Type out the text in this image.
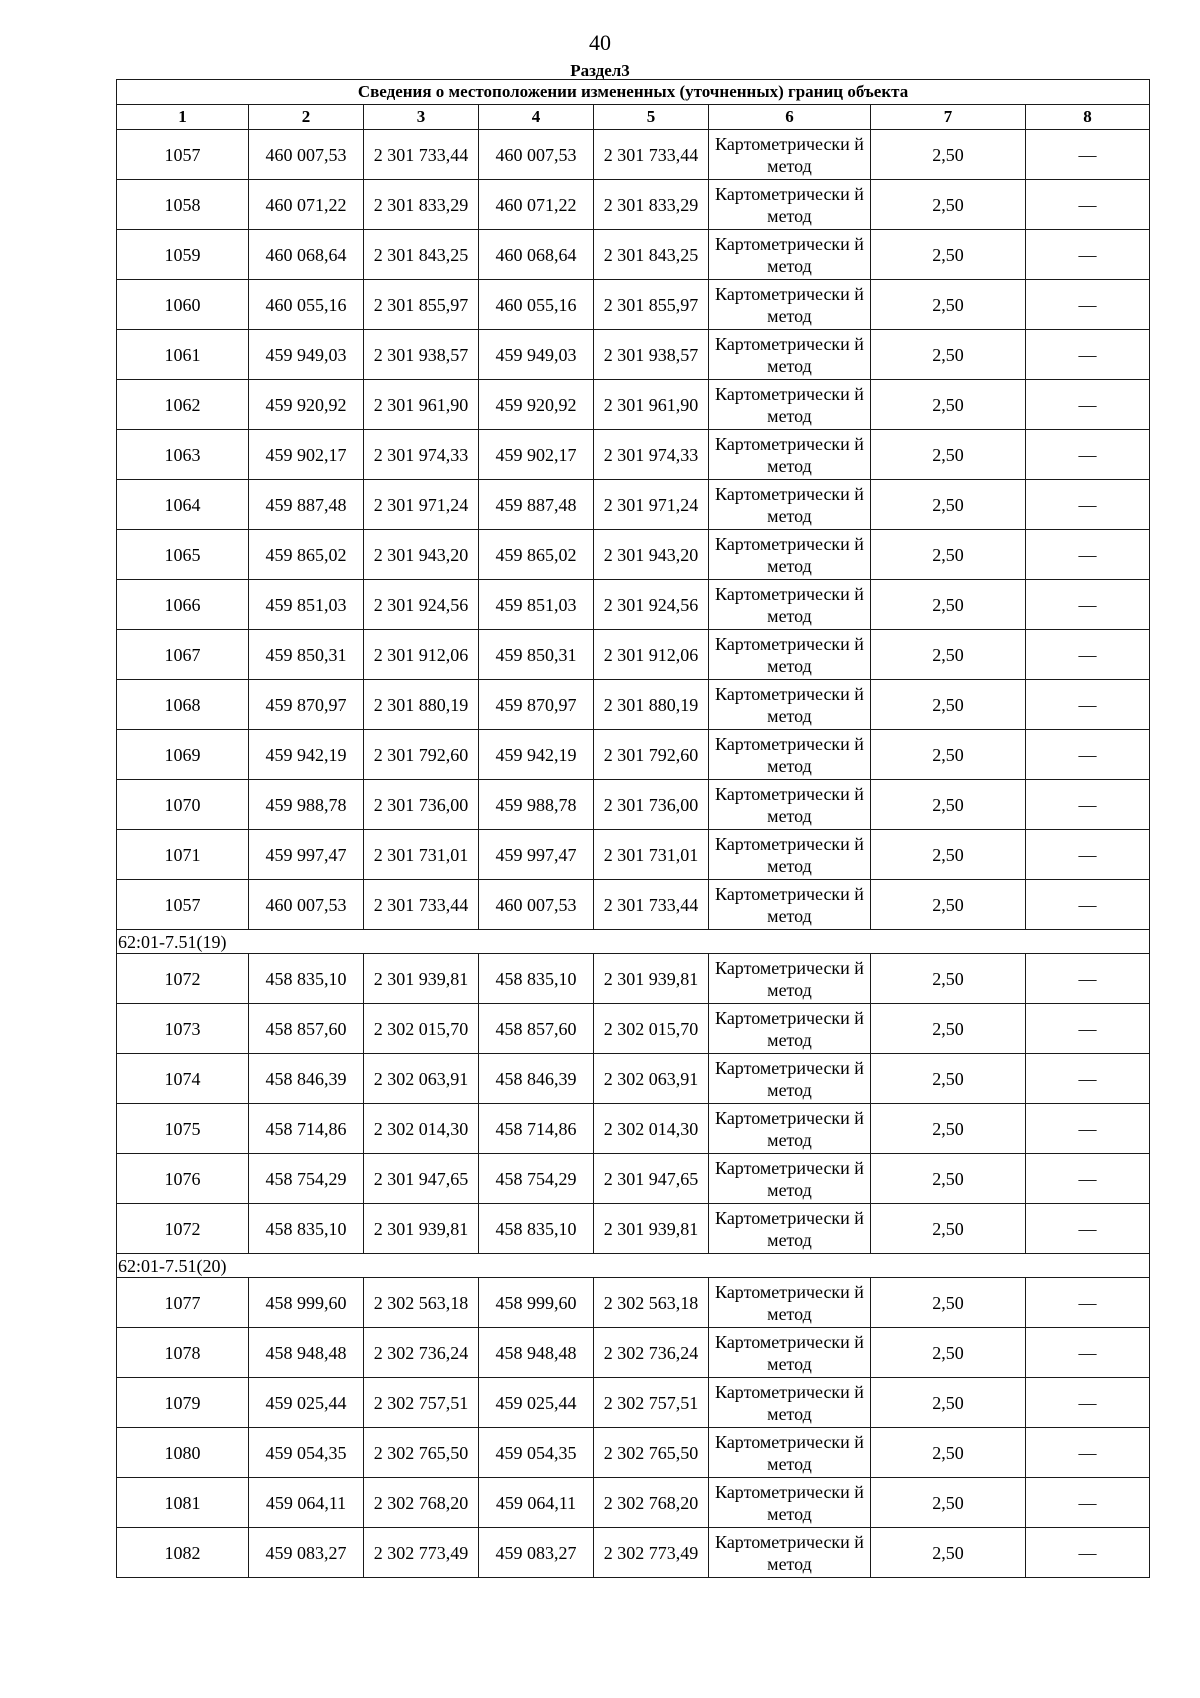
40
Раздел3
Сведения о местоположении измененных (уточненных) границ объекта							
1	2	3	4	5	6	7	8
1057	460 007,53	2 301 733,44	460 007,53	2 301 733,44	Картометрически й метод	2,50	—
1058	460 071,22	2 301 833,29	460 071,22	2 301 833,29	Картометрически й метод	2,50	—
1059	460 068,64	2 301 843,25	460 068,64	2 301 843,25	Картометрически й метод	2,50	—
1060	460 055,16	2 301 855,97	460 055,16	2 301 855,97	Картометрически й метод	2,50	—
1061	459 949,03	2 301 938,57	459 949,03	2 301 938,57	Картометрически й метод	2,50	—
1062	459 920,92	2 301 961,90	459 920,92	2 301 961,90	Картометрически й метод	2,50	—
1063	459 902,17	2 301 974,33	459 902,17	2 301 974,33	Картометрически й метод	2,50	—
1064	459 887,48	2 301 971,24	459 887,48	2 301 971,24	Картометрически й метод	2,50	—
1065	459 865,02	2 301 943,20	459 865,02	2 301 943,20	Картометрически й метод	2,50	—
1066	459 851,03	2 301 924,56	459 851,03	2 301 924,56	Картометрически й метод	2,50	—
1067	459 850,31	2 301 912,06	459 850,31	2 301 912,06	Картометрически й метод	2,50	—
1068	459 870,97	2 301 880,19	459 870,97	2 301 880,19	Картометрически й метод	2,50	—
1069	459 942,19	2 301 792,60	459 942,19	2 301 792,60	Картометрически й метод	2,50	—
1070	459 988,78	2 301 736,00	459 988,78	2 301 736,00	Картометрически й метод	2,50	—
1071	459 997,47	2 301 731,01	459 997,47	2 301 731,01	Картометрически й метод	2,50	—
1057	460 007,53	2 301 733,44	460 007,53	2 301 733,44	Картометрически й метод	2,50	—
62:01-7.51(19)							
1072	458 835,10	2 301 939,81	458 835,10	2 301 939,81	Картометрически й метод	2,50	—
1073	458 857,60	2 302 015,70	458 857,60	2 302 015,70	Картометрически й метод	2,50	—
1074	458 846,39	2 302 063,91	458 846,39	2 302 063,91	Картометрически й метод	2,50	—
1075	458 714,86	2 302 014,30	458 714,86	2 302 014,30	Картометрически й метод	2,50	—
1076	458 754,29	2 301 947,65	458 754,29	2 301 947,65	Картометрически й метод	2,50	—
1072	458 835,10	2 301 939,81	458 835,10	2 301 939,81	Картометрически й метод	2,50	—
62:01-7.51(20)							
1077	458 999,60	2 302 563,18	458 999,60	2 302 563,18	Картометрически й метод	2,50	—
1078	458 948,48	2 302 736,24	458 948,48	2 302 736,24	Картометрически й метод	2,50	—
1079	459 025,44	2 302 757,51	459 025,44	2 302 757,51	Картометрически й метод	2,50	—
1080	459 054,35	2 302 765,50	459 054,35	2 302 765,50	Картометрически й метод	2,50	—
1081	459 064,11	2 302 768,20	459 064,11	2 302 768,20	Картометрически й метод	2,50	—
1082	459 083,27	2 302 773,49	459 083,27	2 302 773,49	Картометрически й метод	2,50	—
